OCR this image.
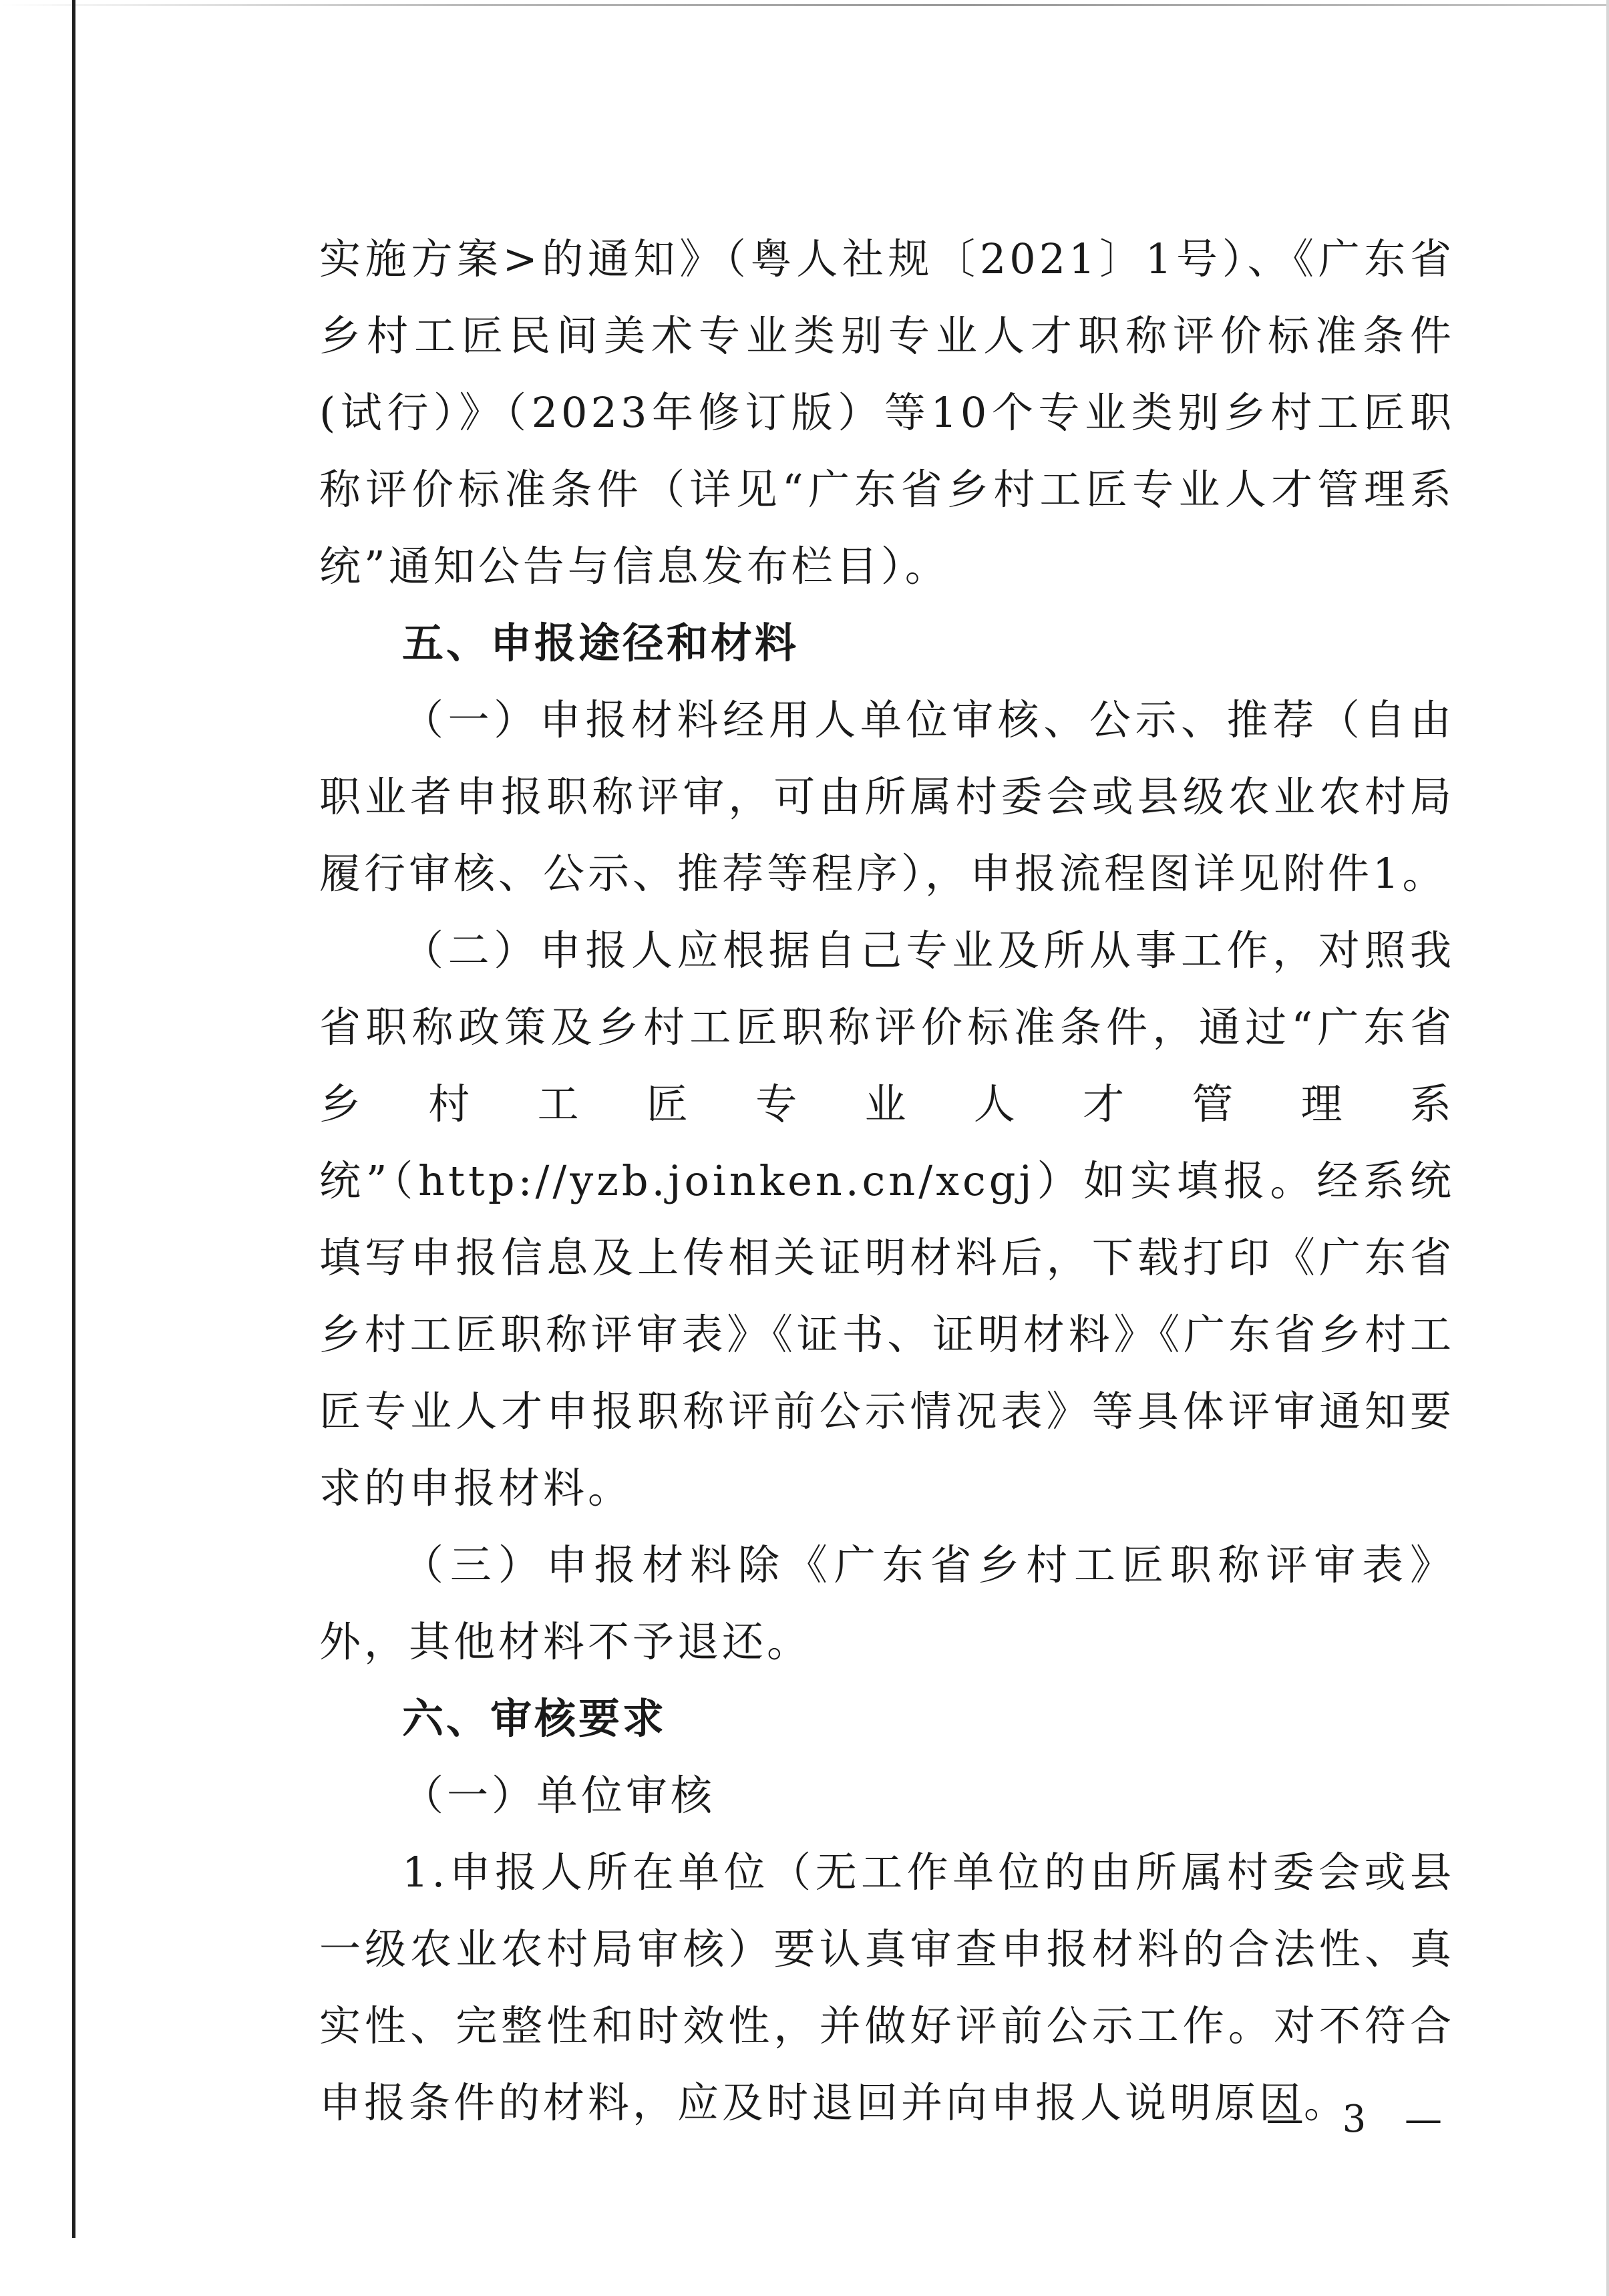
实施方案>的通知》（粤人社规〔2021〕1号）、《广东省乡村工匠民间美术专业类别专业人才职称评价标准条件(试行）》（2023年修订版）等10个专业类别乡村工匠职称评价标准条件（详见“广东省乡村工匠专业人才管理系统”通知公告与信息发布栏目）。

五、申报途径和材料

（一）申报材料经用人单位审核、公示、推荐（自由职业者申报职称评审，可由所属村委会或县级农业农村局履行审核、公示、推荐等程序），申报流程图详见附件1。

（二）申报人应根据自己专业及所从事工作，对照我省职称政策及乡村工匠职称评价标准条件，通过“广东省乡村工匠专业人才管理系统”（http://yzb.joinken.cn/xcgj）如实填报。经系统填写申报信息及上传相关证明材料后，下载打印《广东省乡村工匠职称评审表》《证书、证明材料》《广东省乡村工匠专业人才申报职称评前公示情况表》等具体评审通知要求的申报材料。

（三）申报材料除《广东省乡村工匠职称评审表》外，其他材料不予退还。

六、审核要求

（一）单位审核

1.申报人所在单位（无工作单位的由所属村委会或县一级农业农村局审核）要认真审查申报材料的合法性、真实性、完整性和时效性，并做好评前公示工作。对不符合申报条件的材料，应及时退回并向申报人说明原因。

— 3 —
